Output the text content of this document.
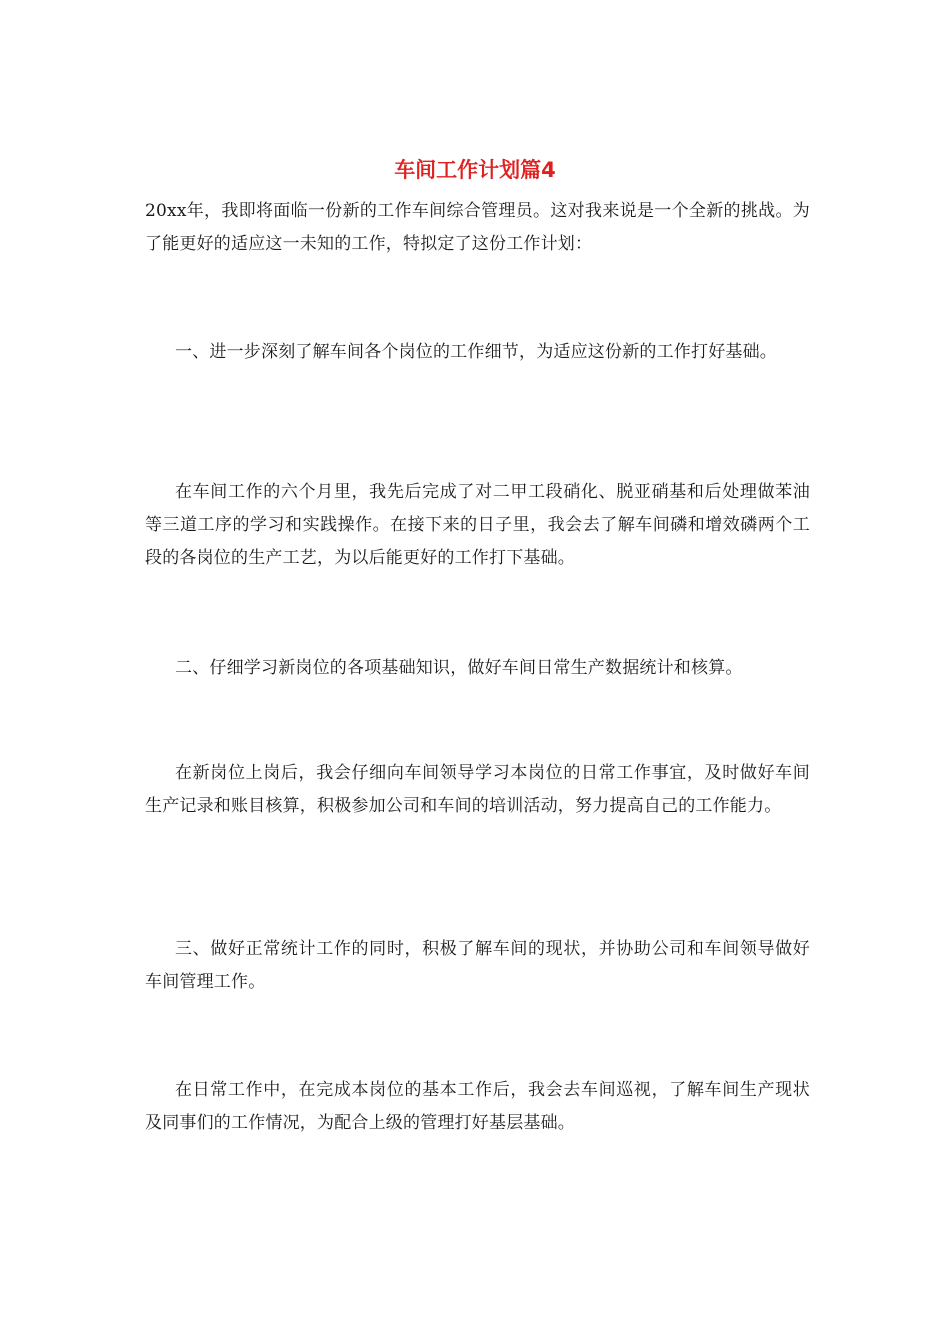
车间工作计划篇4

20xx年，我即将面临一份新的工作车间综合管理员。这对我来说是一个全新的挑战。为了能更好的适应这一未知的工作，特拟定了这份工作计划：

一、进一步深刻了解车间各个岗位的工作细节，为适应这份新的工作打好基础。

在车间工作的六个月里，我先后完成了对二甲工段硝化、脱亚硝基和后处理做苯油等三道工序的学习和实践操作。在接下来的日子里，我会去了解车间磷和增效磷两个工段的各岗位的生产工艺，为以后能更好的工作打下基础。

二、仔细学习新岗位的各项基础知识，做好车间日常生产数据统计和核算。

在新岗位上岗后，我会仔细向车间领导学习本岗位的日常工作事宜，及时做好车间生产记录和账目核算，积极参加公司和车间的培训活动，努力提高自己的工作能力。

三、做好正常统计工作的同时，积极了解车间的现状，并协助公司和车间领导做好车间管理工作。

在日常工作中，在完成本岗位的基本工作后，我会去车间巡视，了解车间生产现状及同事们的工作情况，为配合上级的管理打好基层基础。
